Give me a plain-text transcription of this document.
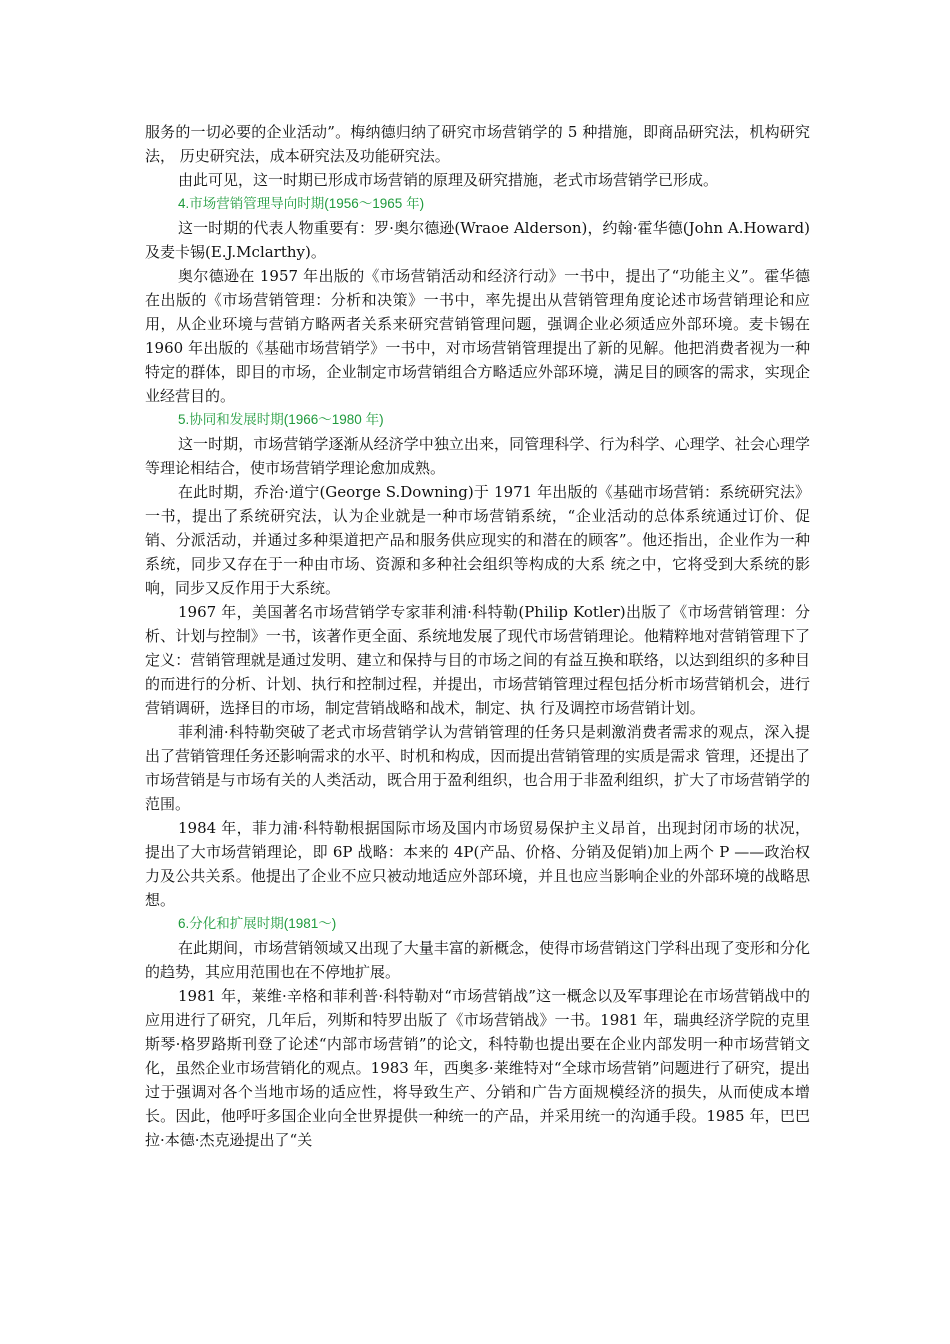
服务的一切必要的企业活动”。梅纳德归纳了研究市场营销学的 5 种措施，即商品研究法，机构研究法， 历史研究法，成本研究法及功能研究法。

由此可见，这一时期已形成市场营销的原理及研究措施，老式市场营销学已形成。

4.市场营销管理导向时期(1956～1965 年)

这一时期的代表人物重要有：罗·奥尔德逊(Wraoe Alderson)，约翰·霍华德(John A.Howard)及麦卡锡(E.J.Mclarthy)。

奥尔德逊在 1957 年出版的《市场营销活动和经济行动》一书中，提出了“功能主义”。霍华德在出版的《市场营销管理：分析和决策》一书中，率先提出从营销管理角度论述市场营销理论和应用，从企业环境与营销方略两者关系来研究营销管理问题，强调企业必须适应外部环境。麦卡锡在 1960 年出版的《基础市场营销学》一书中，对市场营销管理提出了新的见解。他把消费者视为一种特定的群体，即目的市场，企业制定市场营销组合方略适应外部环境，满足目的顾客的需求，实现企业经营目的。

5.协同和发展时期(1966～1980 年)

这一时期，市场营销学逐渐从经济学中独立出来，同管理科学、行为科学、心理学、社会心理学等理论相结合，使市场营销学理论愈加成熟。

在此时期，乔治·道宁(George S.Downing)于 1971 年出版的《基础市场营销：系统研究法》一书，提出了系统研究法，认为企业就是一种市场营销系统，“企业活动的总体系统通过订价、促销、分派活动，并通过多种渠道把产品和服务供应现实的和潜在的顾客”。他还指出，企业作为一种系统，同步又存在于一种由市场、资源和多种社会组织等构成的大系 统之中，它将受到大系统的影响，同步又反作用于大系统。

1967 年，美国著名市场营销学专家菲利浦·科特勒(Philip Kotler)出版了《市场营销管理：分析、计划与控制》一书，该著作更全面、系统地发展了现代市场营销理论。他精粹地对营销管理下了定义：营销管理就是通过发明、建立和保持与目的市场之间的有益互换和联络，以达到组织的多种目的而进行的分析、计划、执行和控制过程，并提出，市场营销管理过程包括分析市场营销机会，进行营销调研，选择目的市场，制定营销战略和战术，制定、执 行及调控市场营销计划。

菲利浦·科特勒突破了老式市场营销学认为营销管理的任务只是刺激消费者需求的观点，深入提出了营销管理任务还影响需求的水平、时机和构成，因而提出营销管理的实质是需求 管理，还提出了市场营销是与市场有关的人类活动，既合用于盈利组织，也合用于非盈利组织，扩大了市场营销学的范围。

1984 年，菲力浦·科特勒根据国际市场及国内市场贸易保护主义昂首，出现封闭市场的状况，提出了大市场营销理论，即 6P 战略：本来的 4P(产品、价格、分销及促销)加上两个 P ——政治权力及公共关系。他提出了企业不应只被动地适应外部环境，并且也应当影响企业的外部环境的战略思想。

6.分化和扩展时期(1981～)

在此期间，市场营销领域又出现了大量丰富的新概念，使得市场营销这门学科出现了变形和分化的趋势，其应用范围也在不停地扩展。

1981 年，莱维·辛格和菲利普·科特勒对“市场营销战”这一概念以及军事理论在市场营销战中的应用进行了研究，几年后，列斯和特罗出版了《市场营销战》一书。1981 年，瑞典经济学院的克里斯琴·格罗路斯刊登了论述“内部市场营销”的论文，科特勒也提出要在企业内部发明一种市场营销文化，虽然企业市场营销化的观点。1983 年，西奥多·莱维特对“全球市场营销”问题进行了研究，提出过于强调对各个当地市场的适应性，将导致生产、分销和广告方面规模经济的损失，从而使成本增长。因此，他呼吁多国企业向全世界提供一种统一的产品，并采用统一的沟通手段。1985 年，巴巴拉·本德·杰克逊提出了“关
